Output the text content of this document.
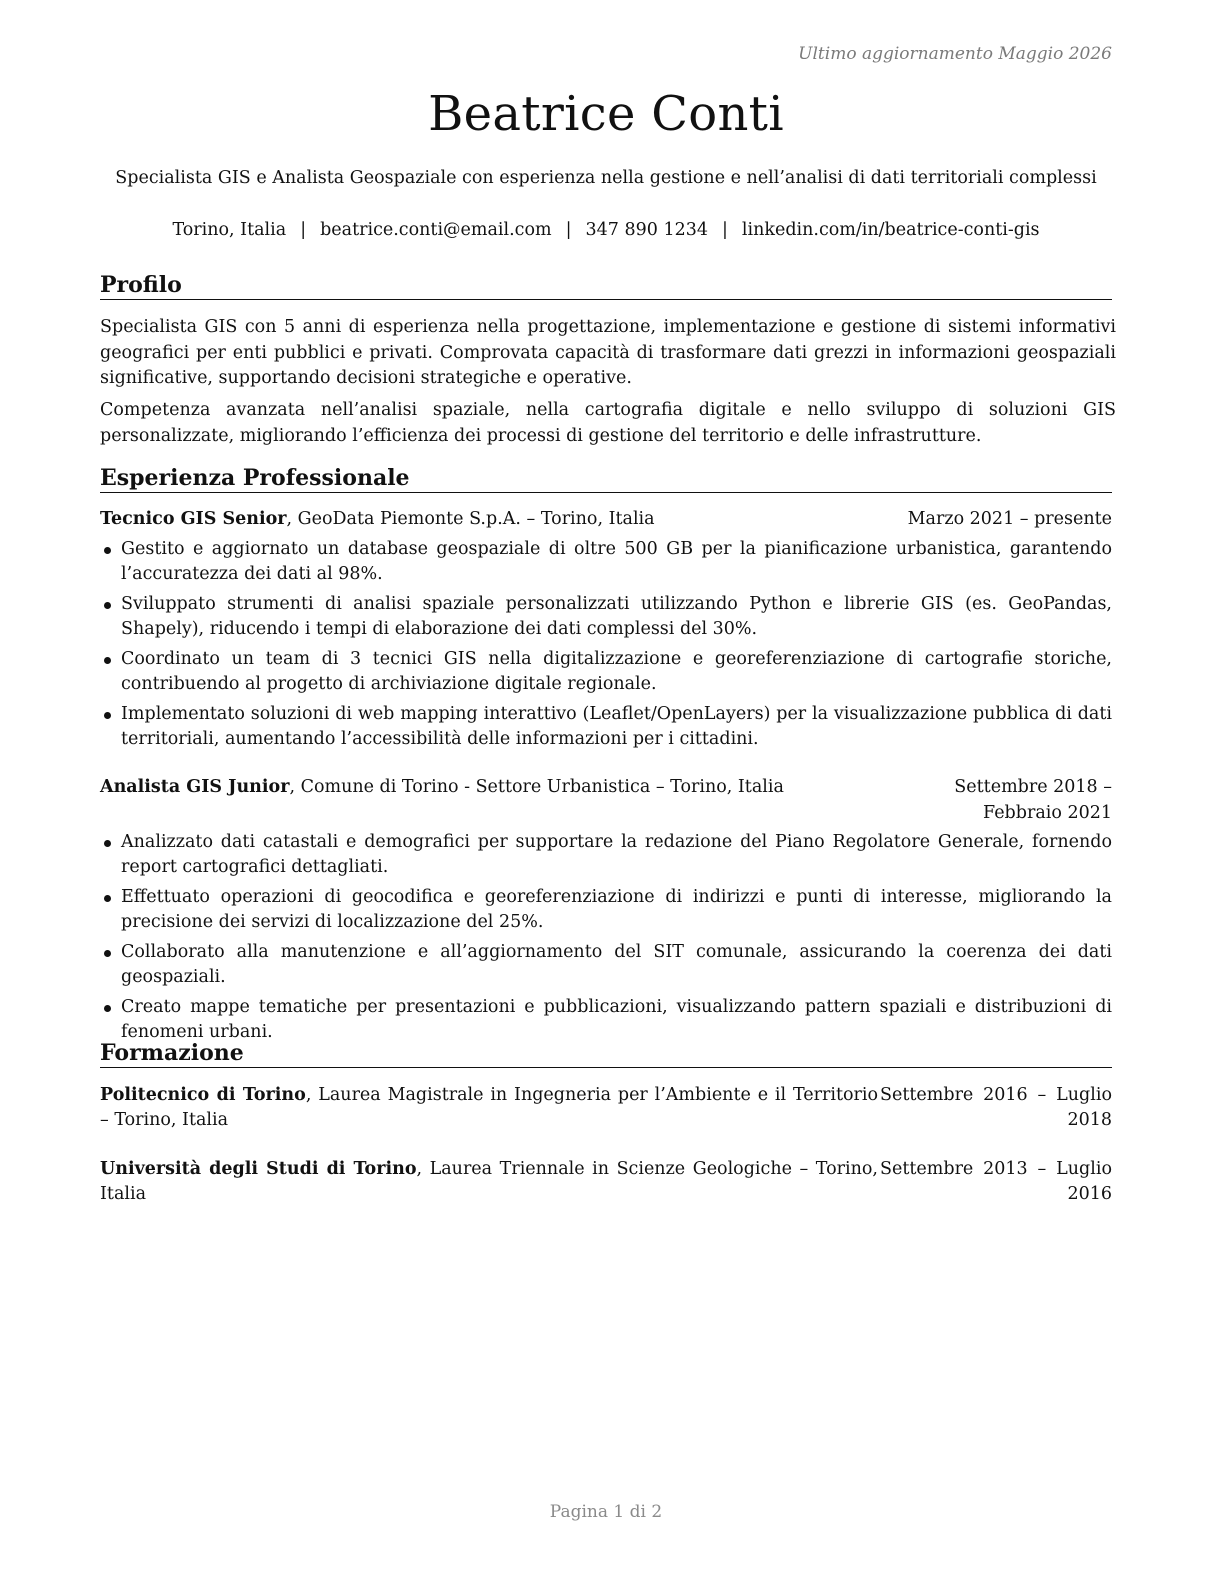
Ultimo aggiornamento Maggio 2026
Beatrice Conti
Specialista GIS e Analista Geospaziale con esperienza nella gestione e nell’analisi di dati territoriali complessi
Torino, Italia | beatrice.conti@email.com | 347 890 1234 | linkedin.com/in/beatrice-conti-gis
Profilo

Specialista GIS con 5 anni di esperienza nella progettazione, implementazione e gestione di sistemi informativi geografici per enti pubblici e privati. Comprovata capacità di trasformare dati grezzi in informazioni geospaziali significative, supportando decisioni strategiche e operative.

Competenza avanzata nell’analisi spaziale, nella cartografia digitale e nello sviluppo di soluzioni GIS personalizzate, migliorando l’efficienza dei processi di gestione del territorio e delle infrastrutture.

Esperienza Professionale
Tecnico GIS Senior, GeoData Piemonte S.p.A. – Torino, Italia	Marzo 2021 – presente
Gestito e aggiornato un database geospaziale di oltre 500 GB per la pianificazione urbanistica, garantendo l’accuratezza dei dati al 98%.
Sviluppato strumenti di analisi spaziale personalizzati utilizzando Python e librerie GIS (es. GeoPandas, Shapely), riducendo i tempi di elaborazione dei dati complessi del 30%.
Coordinato un team di 3 tecnici GIS nella digitalizzazione e georeferenziazione di cartografie storiche, contribuendo al progetto di archiviazione digitale regionale.
Implementato soluzioni di web mapping interattivo (Leaflet/OpenLayers) per la visualizzazione pubblica di dati territoriali, aumentando l’accessibilità delle informazioni per i cittadini.
Analista GIS Junior, Comune di Torino - Settore Urbanistica – Torino, Italia	Settembre 2018 – Febbraio 2021
Analizzato dati catastali e demografici per supportare la redazione del Piano Regolatore Generale, fornendo report cartografici dettagliati.
Effettuato operazioni di geocodifica e georeferenziazione di indirizzi e punti di interesse, migliorando la precisione dei servizi di localizzazione del 25%.
Collaborato alla manutenzione e all’aggiornamento del SIT comunale, assicurando la coerenza dei dati geospaziali.
Creato mappe tematiche per presentazioni e pubblicazioni, visualizzando pattern spaziali e distribuzioni di fenomeni urbani.
Formazione
Politecnico di Torino, Laurea Magistrale in Ingegneria per l’Ambiente e il Territorio – Torino, Italia
Settembre 2016 – Luglio 2018
Università degli Studi di Torino, Laurea Triennale in Scienze Geologiche – Torino, Italia
Settembre 2013 – Luglio 2016
Pagina 1 di 2
